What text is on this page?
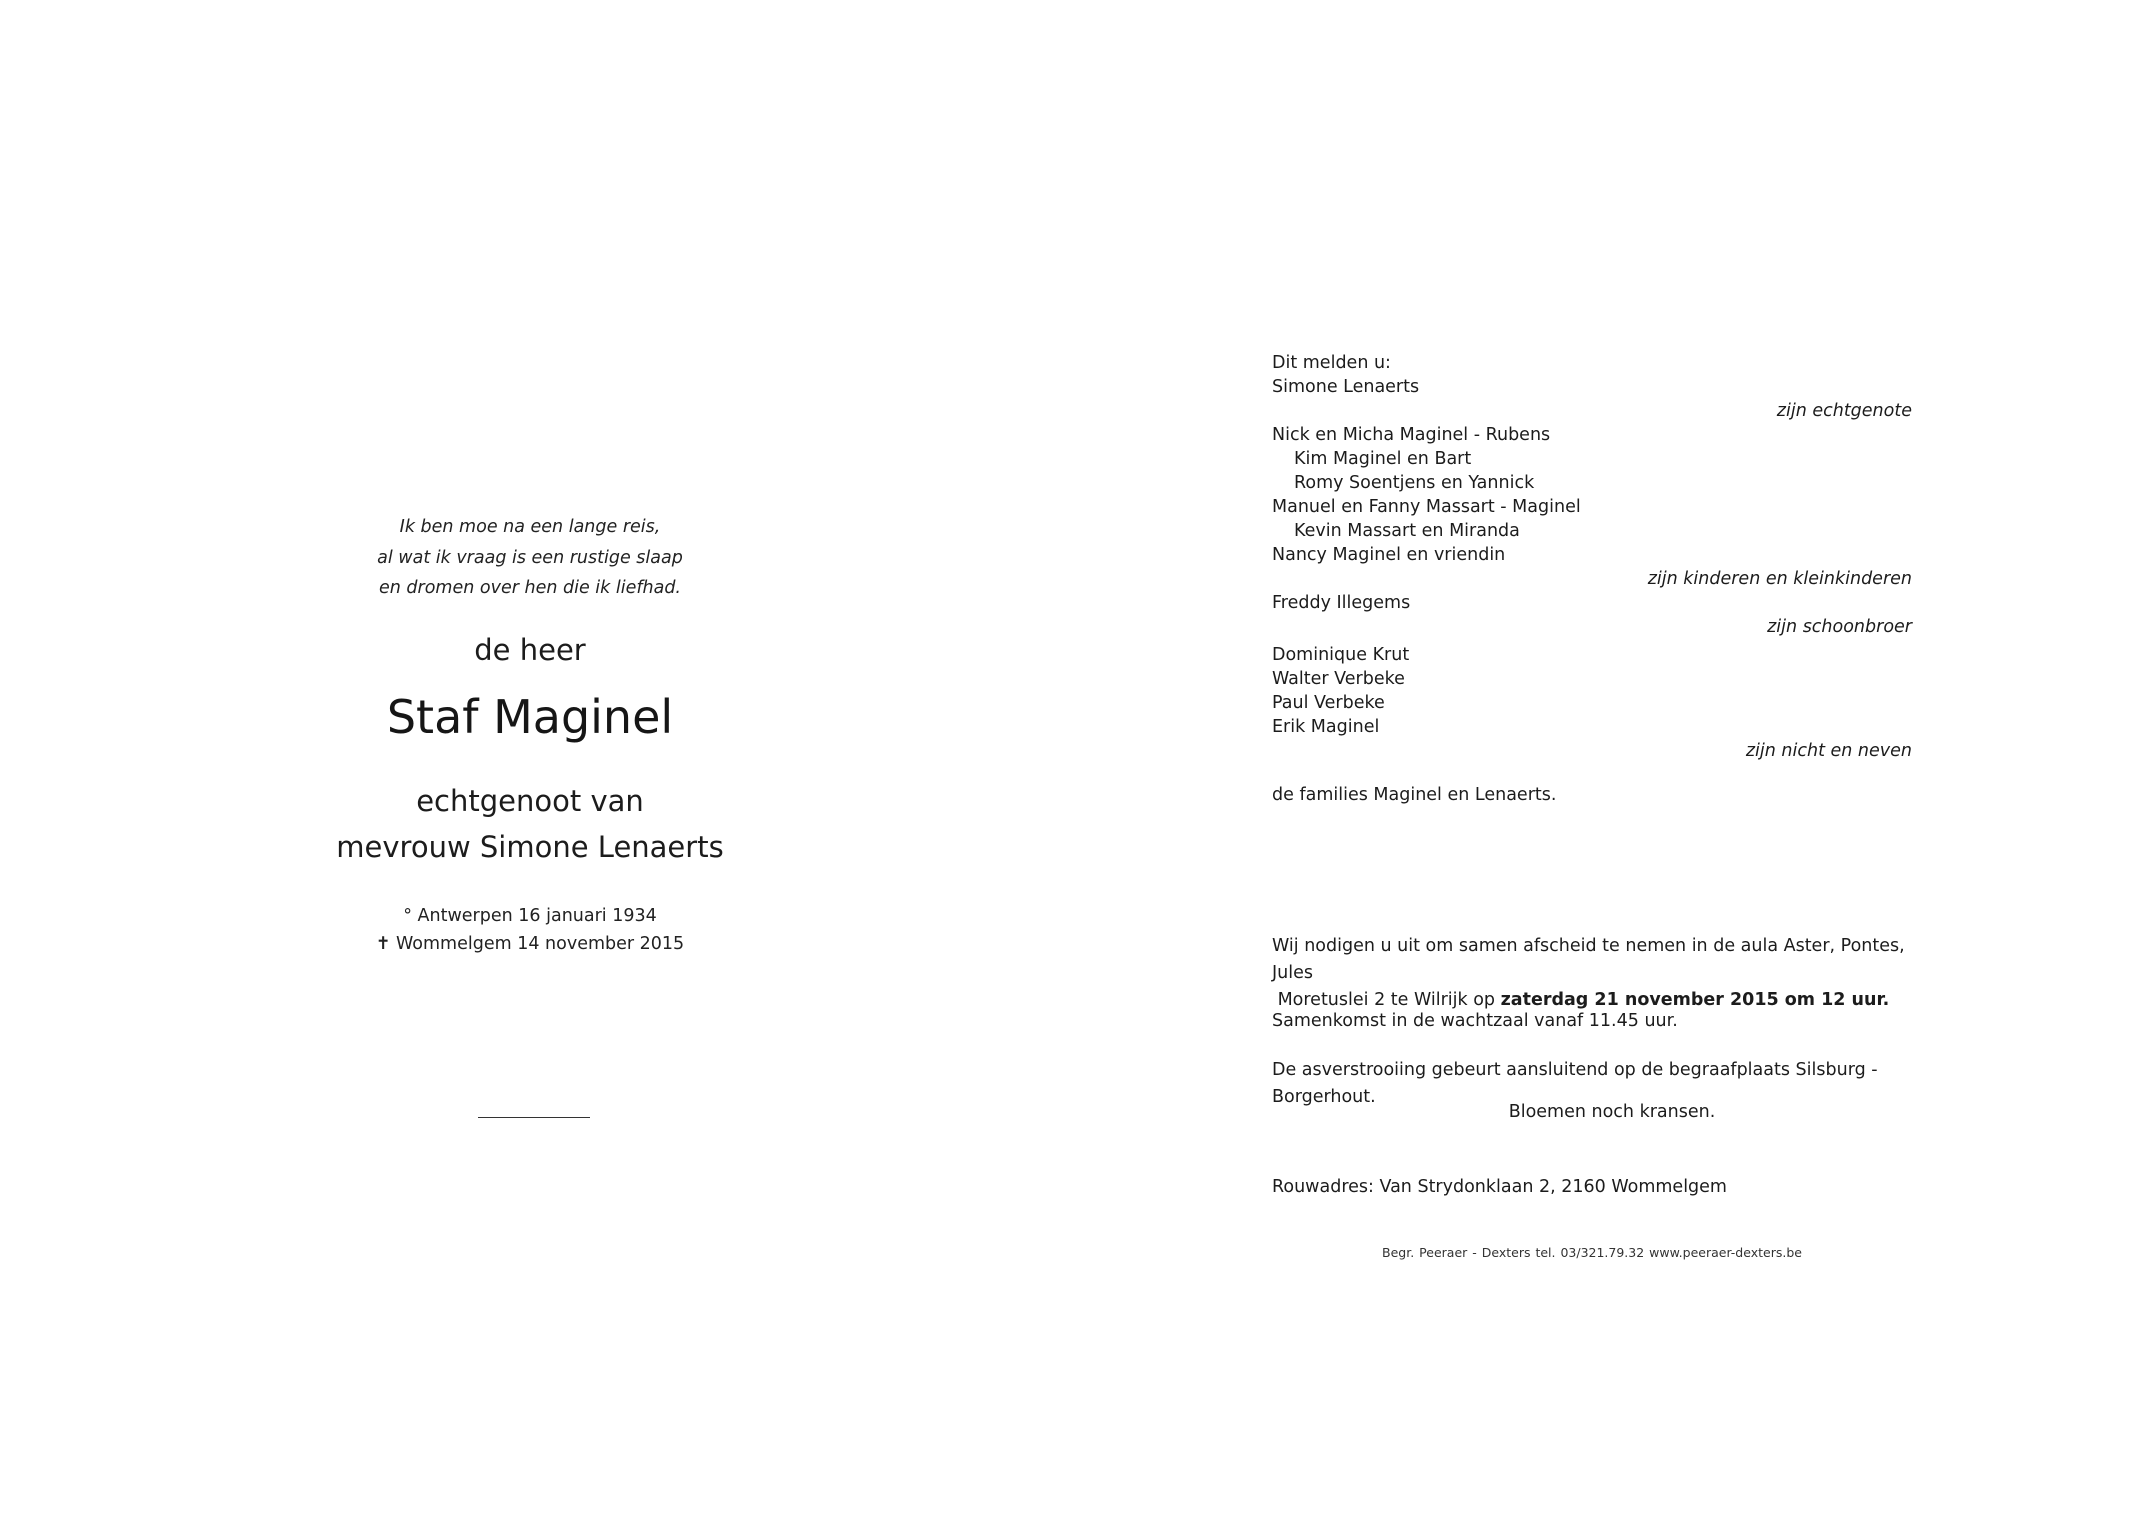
Ik ben moe na een lange reis,
al wat ik vraag is een rustige slaap
en dromen over hen die ik liefhad.
de heer
Staf Maginel
echtgenoot van
mevrouw Simone Lenaerts
° Antwerpen 16 januari 1934
✝ Wommelgem 14 november 2015
Dit melden u:
Simone Lenaerts
zijn echtgenote
Nick en Micha Maginel - Rubens
Kim Maginel en Bart
Romy Soentjens en Yannick
Manuel en Fanny Massart - Maginel
Kevin Massart en Miranda
Nancy Maginel en vriendin
zijn kinderen en kleinkinderen
Freddy Illegems
zijn schoonbroer
Dominique Krut
Walter Verbeke
Paul Verbeke
Erik Maginel
zijn nicht en neven
de families Maginel en Lenaerts.
Wij nodigen u uit om samen afscheid te nemen in de aula Aster, Pontes, Jules
Moretuslei 2 te Wilrijk op zaterdag 21 november 2015 om 12 uur.
Samenkomst in de wachtzaal vanaf 11.45 uur.
De asverstrooiing gebeurt aansluitend op de begraafplaats Silsburg - Borgerhout.
Bloemen noch kransen.
Rouwadres: Van Strydonklaan 2, 2160 Wommelgem
Begr. Peeraer - Dexters tel. 03/321.79.32 www.peeraer-dexters.be
